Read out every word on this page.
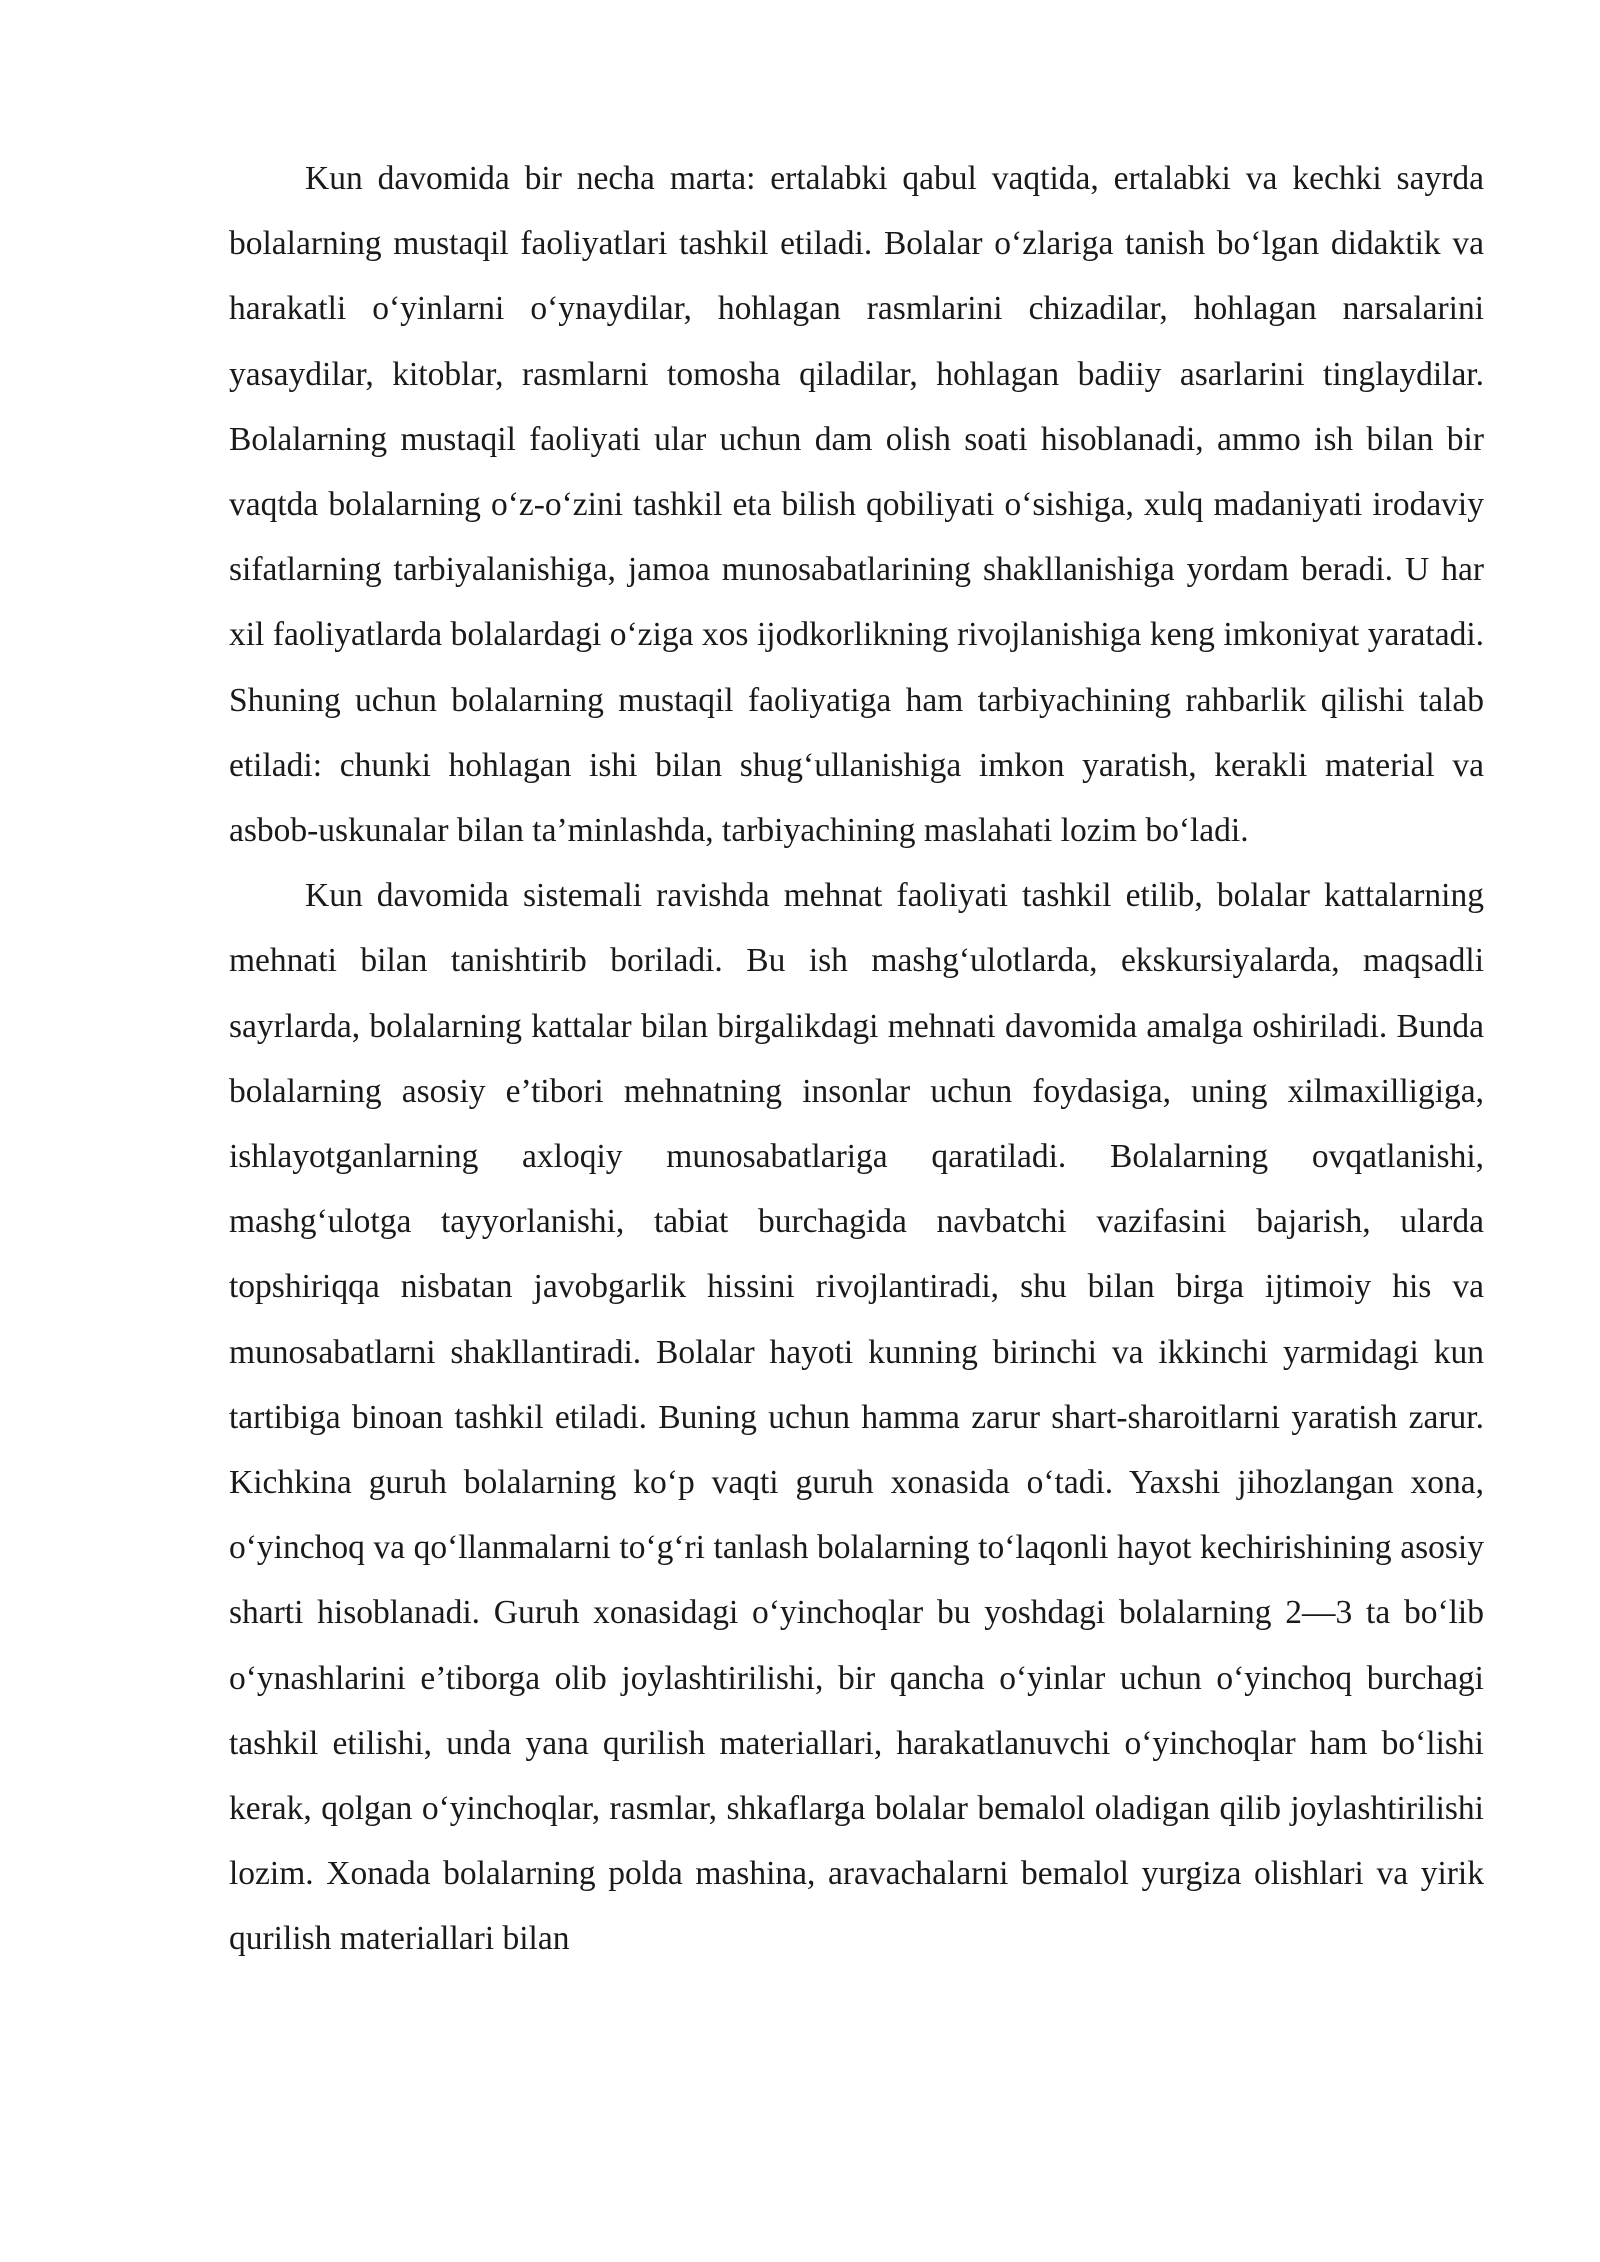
Kun davomida bir necha marta: ertalabki qabul vaqtida, ertalabki va kechki sayrda bolalarning mustaqil faoliyatlari tashkil etiladi. Bolalar o‘zlariga tanish bo‘lgan didaktik va harakatli o‘yinlarni o‘ynaydilar, hohlagan rasmlarini chizadilar, hohlagan narsalarini yasaydilar, kitoblar, rasmlarni tomosha qiladilar, hohlagan badiiy asarlarini tinglaydilar. Bolalarning mustaqil faoliyati ular uchun dam olish soati hisoblanadi, ammo ish bilan bir vaqtda bolalarning o‘z-o‘zini tashkil eta bilish qobiliyati o‘sishiga, xulq madaniyati irodaviy sifatlarning tarbiyalanishiga, jamoa munosabatlarining shakllanishiga yordam beradi. U har xil faoliyatlarda bolalardagi o‘ziga xos ijodkorlikning rivojlanishiga keng imkoniyat yaratadi. Shuning uchun bolalarning mustaqil faoliyatiga ham tarbiyachining rahbarlik qilishi talab etiladi: chunki hohlagan ishi bilan shug‘ullanishiga imkon yaratish, kerakli material va asbob-uskunalar bilan ta’minlashda, tarbiyachining maslahati lozim bo‘ladi.

Kun davomida sistemali ravishda mehnat faoliyati tashkil etilib, bolalar kattalarning mehnati bilan tanishtirib boriladi. Bu ish mashg‘ulotlarda, ekskursiyalarda, maqsadli sayrlarda, bolalarning kattalar bilan birgalikdagi mehnati davomida amalga oshiriladi. Bunda bolalarning asosiy e’tibori mehnatning insonlar uchun foydasiga, uning xilmaxilligiga, ishlayotganlarning axloqiy munosabatlariga qaratiladi. Bolalarning ovqatlanishi, mashg‘ulotga tayyorlanishi, tabiat burchagida navbatchi vazifasini bajarish, ularda topshiriqqa nisbatan javobgarlik hissini rivojlantiradi, shu bilan birga ijtimoiy his va munosabatlarni shakllantiradi. Bolalar hayoti kunning birinchi va ikkinchi yarmidagi kun tartibiga binoan tashkil etiladi. Buning uchun hamma zarur shart-sharoitlarni yaratish zarur. Kichkina guruh bolalarning ko‘p vaqti guruh xonasida o‘tadi. Yaxshi jihozlangan xona, o‘yinchoq va qo‘llanmalarni to‘g‘ri tanlash bolalarning to‘laqonli hayot kechirishining asosiy sharti hisoblanadi. Guruh xonasidagi o‘yinchoqlar bu yoshdagi bolalarning 2—3 ta bo‘lib o‘ynashlarini e’tiborga olib joylashtirilishi, bir qancha o‘yinlar uchun o‘yinchoq burchagi tashkil etilishi, unda yana qurilish materiallari, harakatlanuvchi o‘yinchoqlar ham bo‘lishi kerak, qolgan o‘yinchoqlar, rasmlar, shkaflarga bolalar bemalol oladigan qilib joylashtirilishi lozim. Xonada bolalarning polda mashina, aravachalarni bemalol yurgiza olishlari va yirik qurilish materiallari bilan
